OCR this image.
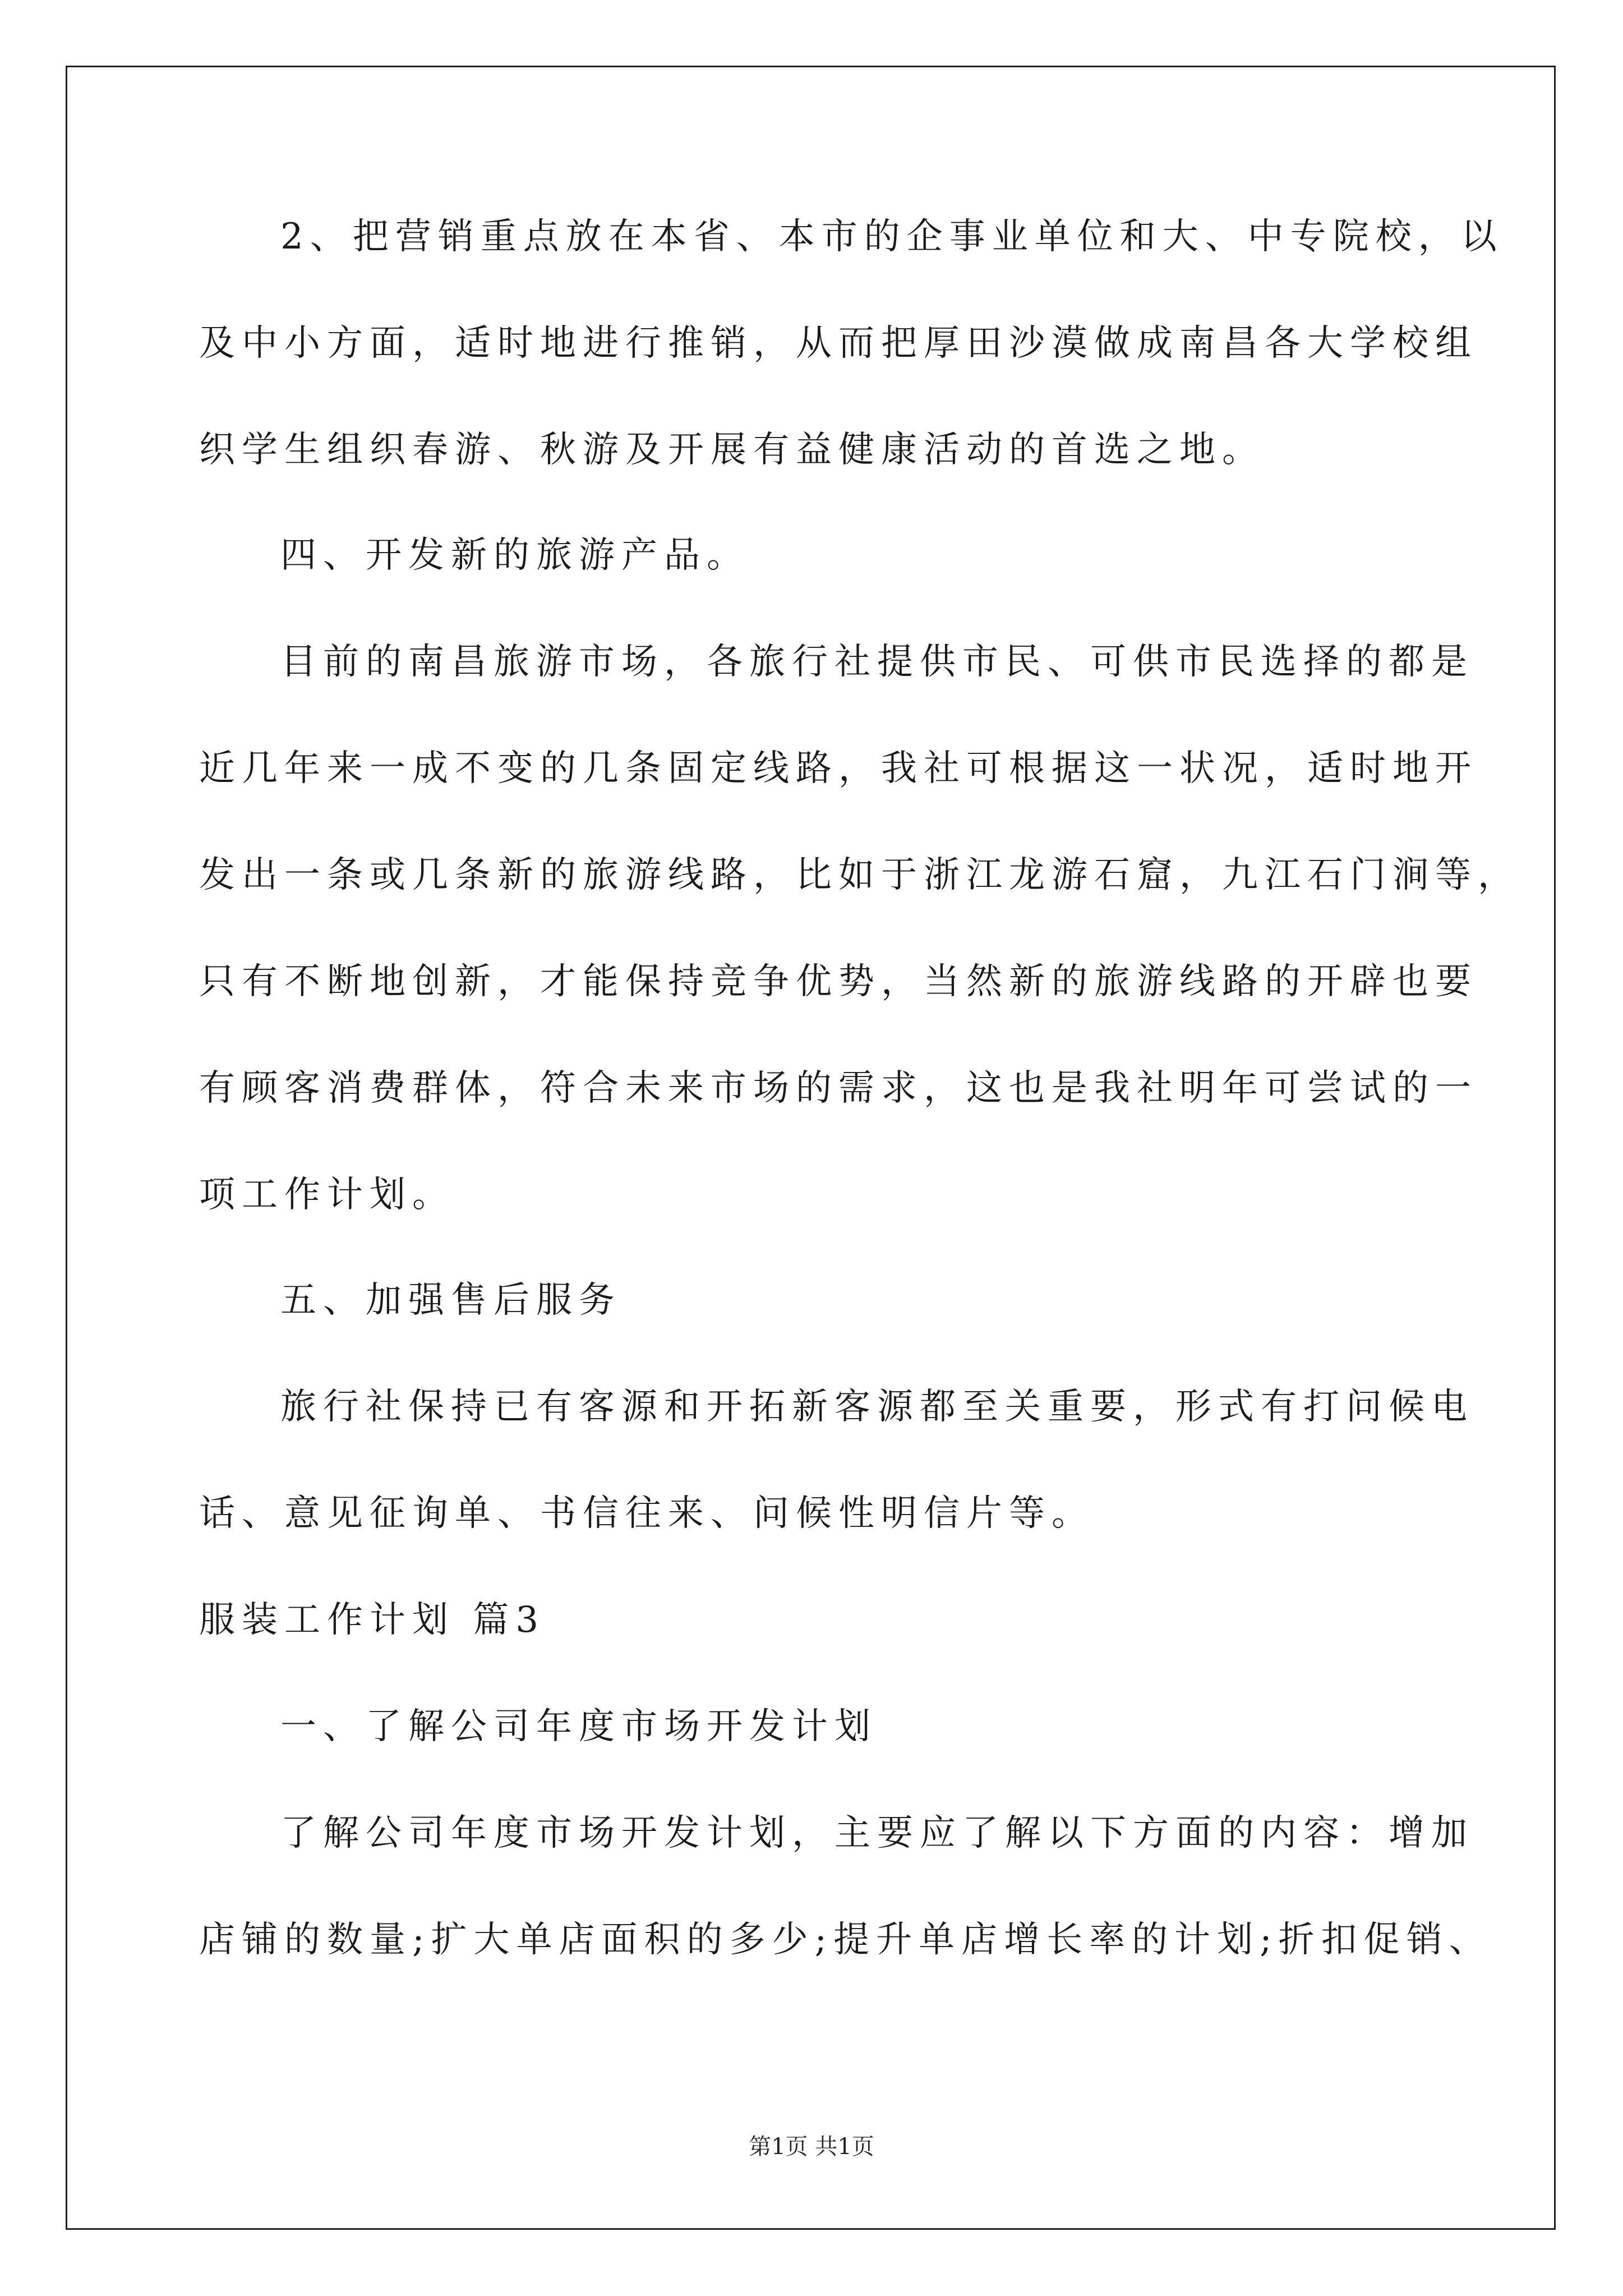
2、把营销重点放在本省、本市的企事业单位和大、中专院校，以
及中小方面，适时地进行推销，从而把厚田沙漠做成南昌各大学校组
织学生组织春游、秋游及开展有益健康活动的首选之地。
四、开发新的旅游产品。
目前的南昌旅游市场，各旅行社提供市民、可供市民选择的都是
近几年来一成不变的几条固定线路，我社可根据这一状况，适时地开
发出一条或几条新的旅游线路，比如于浙江龙游石窟，九江石门涧等，
只有不断地创新，才能保持竞争优势，当然新的旅游线路的开辟也要
有顾客消费群体，符合未来市场的需求，这也是我社明年可尝试的一
项工作计划。
五、加强售后服务
旅行社保持已有客源和开拓新客源都至关重要，形式有打问候电
话、意见征询单、书信往来、问候性明信片等。
服装工作计划 篇3
一、了解公司年度市场开发计划
了解公司年度市场开发计划，主要应了解以下方面的内容：增加
店铺的数量;扩大单店面积的多少;提升单店增长率的计划;折扣促销、
第1页 共1页
